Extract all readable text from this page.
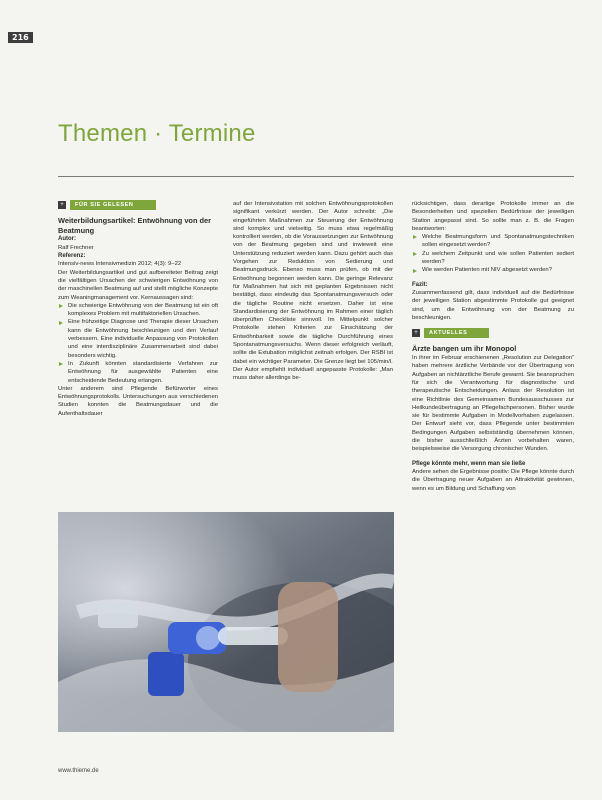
216
Themen · Termine
+	FÜR SIE GELESEN
Weiterbildungsartikel: Entwöhnung von der Beatmung
Autor:
Ralf Frechner
Referenz:
Intensiv-news Intensivmedizin 2012; 4(3): 9–22

Der Weiterbildungsartikel und gut aufbereiteter Beitrag zeigt die vielfältigen Ursachen der schwierigen Entwöhnung von der maschinellen Beatmung auf und stellt mögliche Konzepte zum Weaningmanagement vor. Kernaussagen sind:

Die schwierige Entwöhnung von der Beatmung ist ein oft komplexes Problem mit multifaktoriellen Ursachen.
Eine frühzeitige Diagnose und Therapie dieser Ursachen kann die Entwöhnung beschleunigen und den Verlauf verbessern. Eine individuelle Anpassung von Protokollen und eine interdisziplinäre Zusammenarbeit sind dabei besonders wichtig.
In Zukunft könnten standardisierte Verfahren zur Entwöhnung für ausgewählte Patienten eine entscheidende Bedeutung erlangen.

Unter anderem sind Pflegende Befürworter eines Entwöhnungsprotokolls. Untersuchungen aus verschiedenen Studien konnten die Beatmungsdauer und die Aufenthaltsdauer

auf der Intensivstation mit solchen Entwöhnungsprotokollen signifikant verkürzt werden. Der Autor schreibt: „Die eingeführten Maßnahmen zur Steuerung der Entwöhnung sind komplex und vielseitig. So muss etwa regelmäßig kontrolliert werden, ob die Voraussetzungen zur Entwöhnung von der Beatmung gegeben sind und inwieweit eine Unterstützung reduziert werden kann. Dazu gehört auch das Vorgehen zur Reduktion von Sedierung und Beatmungsdruck. Ebenso muss man prüfen, ob mit der Entwöhnung begonnen werden kann. Die geringe Relevanz für Maßnahmen hat sich mit geplanten Ergebnissen nicht bestätigt, dass eindeutig das Spontanatmungsversuch oder die tägliche Routine nicht ersetzen. Daher ist eine Standardisierung der Entwöhnung im Rahmen einer täglich überprüften Checkliste sinnvoll. Im Mittelpunkt solcher Protokolle stehen Kriterien zur Einschätzung der Entwöhnbarkeit sowie die tägliche Durchführung eines Spontanatmungsversuchs. Wenn dieser erfolgreich verläuft, sollte die Extubation möglichst zeitnah erfolgen. Der RSBI ist dabei ein wichtiger Parameter. Die Grenze liegt bei 105/min/l.

Der Autor empfiehlt individuell angepasste Protokolle: „Man muss daher allerdings be-

rücksichtigen, dass derartige Protokolle immer an die Besonderheiten und speziellen Bedürfnisse der jeweiligen Station angepasst sind. So sollte man z. B. die Fragen beantworten:

Welche Beatmungsform und Spontanatmungstechniken sollen eingesetzt werden?
Zu welchem Zeitpunkt und wie sollen Patienten sediert werden?
Wie werden Patienten mit NIV abgesetzt werden?
Fazit:

Zusammenfassend gilt, dass individuell auf die Bedürfnisse der jeweiligen Station abgestimmte Protokolle gut geeignet sind, um die Entwöhnung von der Beatmung zu beschleunigen.

+	AKTUELLES
Ärzte bangen um ihr Monopol

In ihrer im Februar erschienenen „Resolution zur Delegation“ haben mehrere ärztliche Verbände vor der Übertragung von Aufgaben an nichtärztliche Berufe gewarnt. Sie beanspruchen für sich die Verantwortung für diagnostische und therapeutische Entscheidungen. Anlass der Resolution ist eine Richtlinie des Gemeinsamen Bundesausschusses zur Heilkundeübertragung an Pflegefachpersonen. Bisher wurde sie für bestimmte Aufgaben in Modellvorhaben zugelassen. Der Entwurf sieht vor, dass Pflegende unter bestimmten Bedingungen Aufgaben selbstständig übernehmen können, die bisher ausschließlich Ärzten vorbehalten waren, beispielsweise die Versorgung chronischer Wunden.

Pflege könnte mehr, wenn man sie ließe

Andere sehen die Ergebnisse positiv: Die Pflege könnte durch die Übertragung neuer Aufgaben an Attraktivität gewinnen, wenn es um Bildung und Schaffung von

www.thieme.de
